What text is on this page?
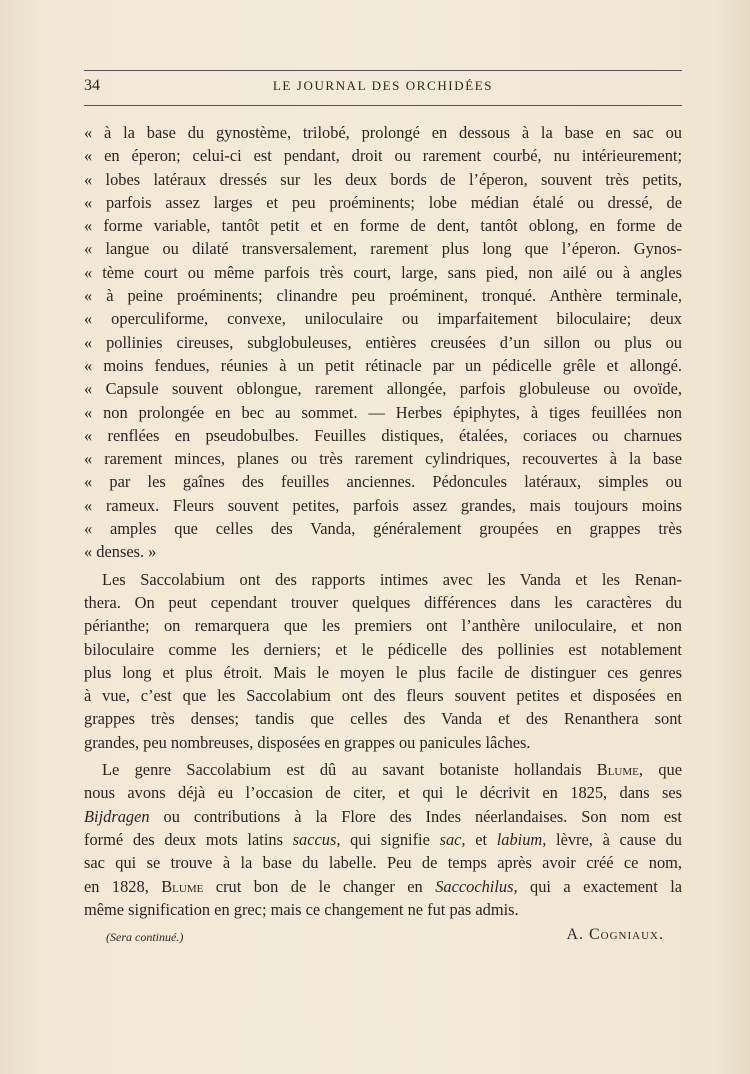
34	LE JOURNAL DES ORCHIDÉES
« à la base du gynostème, trilobé, prolongé en dessous à la base en sac ou
« en éperon; celui-ci est pendant, droit ou rarement courbé, nu intérieurement;
« lobes latéraux dressés sur les deux bords de l’éperon, souvent très petits,
« parfois assez larges et peu proéminents; lobe médian étalé ou dressé, de
« forme variable, tantôt petit et en forme de dent, tantôt oblong, en forme de
« langue ou dilaté transversalement, rarement plus long que l’éperon. Gynos-
« tème court ou même parfois très court, large, sans pied, non ailé ou à angles
« à peine proéminents; clinandre peu proéminent, tronqué. Anthère terminale,
« operculiforme, convexe, uniloculaire ou imparfaitement biloculaire; deux
« pollinies cireuses, subglobuleuses, entières creusées d’un sillon ou plus ou
« moins fendues, réunies à un petit rétinacle par un pédicelle grêle et allongé.
« Capsule souvent oblongue, rarement allongée, parfois globuleuse ou ovoïde,
« non prolongée en bec au sommet. — Herbes épiphytes, à tiges feuillées non
« renflées en pseudobulbes. Feuilles distiques, étalées, coriaces ou charnues
« rarement minces, planes ou très rarement cylindriques, recouvertes à la base
« par les gaînes des feuilles anciennes. Pédoncules latéraux, simples ou
« rameux. Fleurs souvent petites, parfois assez grandes, mais toujours moins
« amples que celles des Vanda, généralement groupées en grappes très
« denses. »
Les Saccolabium ont des rapports intimes avec les Vanda et les Renan-
thera. On peut cependant trouver quelques différences dans les caractères du
périanthe; on remarquera que les premiers ont l’anthère uniloculaire, et non
biloculaire comme les derniers; et le pédicelle des pollinies est notablement
plus long et plus étroit. Mais le moyen le plus facile de distinguer ces genres
à vue, c’est que les Saccolabium ont des fleurs souvent petites et disposées en
grappes très denses; tandis que celles des Vanda et des Renanthera sont
grandes, peu nombreuses, disposées en grappes ou panicules lâches.
Le genre Saccolabium est dû au savant botaniste hollandais Blume, que
nous avons déjà eu l’occasion de citer, et qui le décrivit en 1825, dans ses
Bijdragen ou contributions à la Flore des Indes néerlandaises. Son nom est
formé des deux mots latins saccus, qui signifie sac, et labium, lèvre, à cause du
sac qui se trouve à la base du labelle. Peu de temps après avoir créé ce nom,
en 1828, Blume crut bon de le changer en Saccochilus, qui a exactement la
même signification en grec; mais ce changement ne fut pas admis.
(Sera continué.)	A. Cogniaux.
